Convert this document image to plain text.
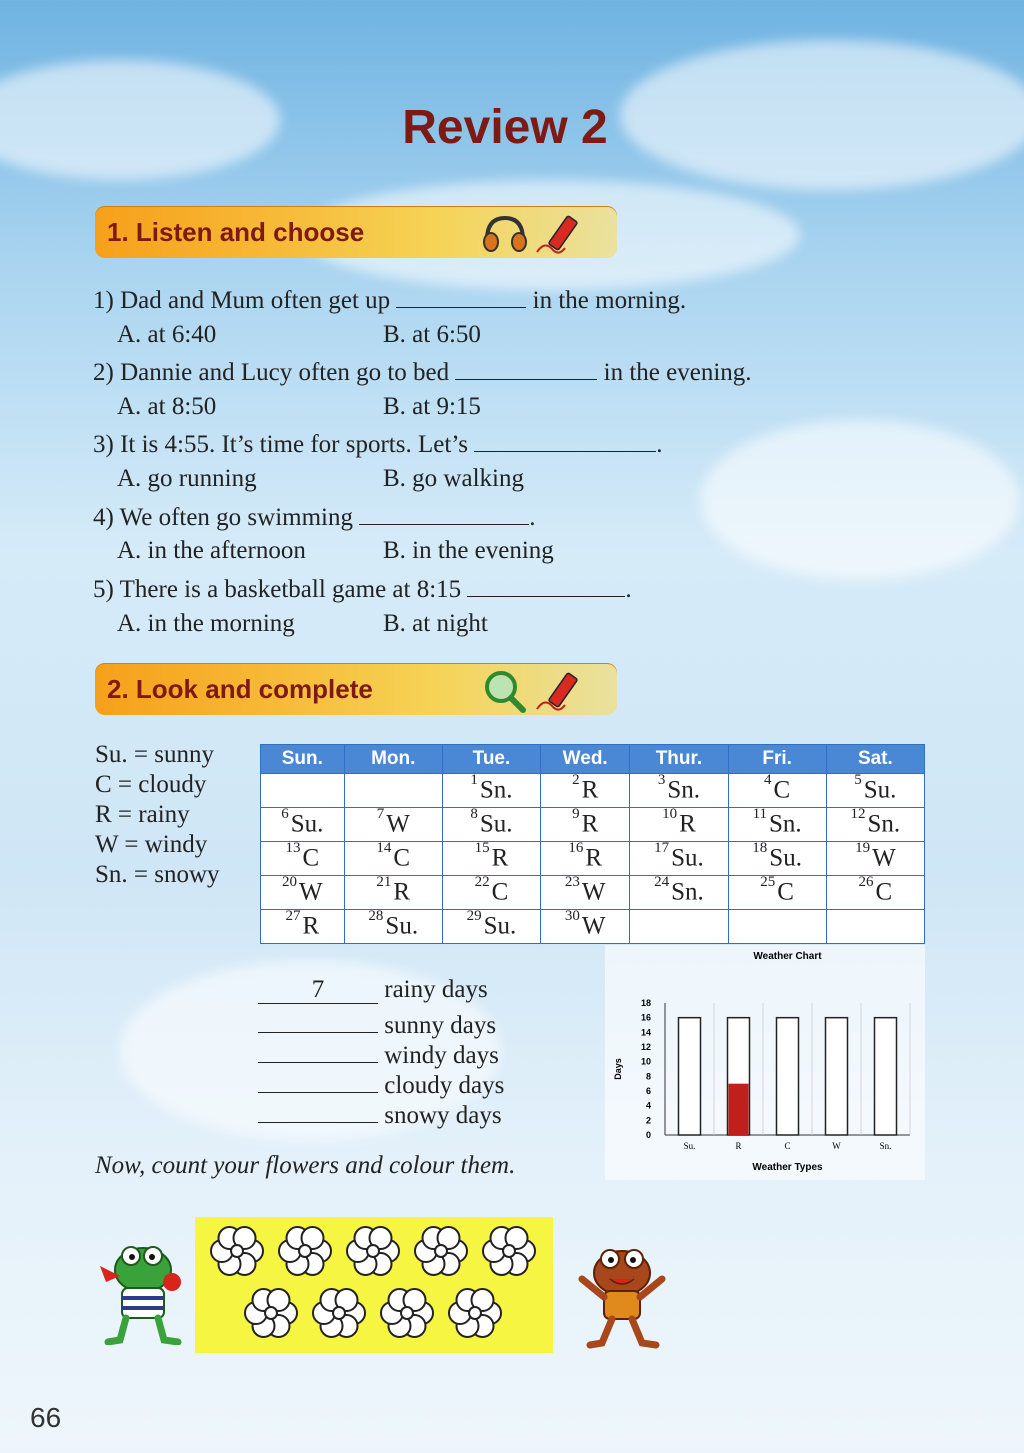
Review 2
1. Listen and choose
1) Dad and Mum often get up	in the morning.
A. at 6:40	B. at 6:50
2) Dannie and Lucy often go to bed	in the evening.
A. at 8:50	B. at 9:15
3) It is 4:55. It’s time for sports. Let’s	.
A. go running	B. go walking
4) We often go swimming	.
A. in the afternoon	B. in the evening
5) There is a basketball game at 8:15	.
A. in the morning	B. at night
2. Look and complete
Su. = sunny
C = cloudy
R = rainy
W = windy
Sn. = snowy
Sun.	Mon.	Tue.	Wed.	Thur.	Fri.	Sat.
		$^1$Sn.	$^2$R	$^3$Sn.	$^4$C	$^5$Su.
$^6$Su.	$^7$W	$^8$Su.	$^9$R	$^{10}$R	$^{11}$Sn.	$^{12}$Sn.
$^{13}$C	$^{14}$C	$^{15}$R	$^{16}$R	$^{17}$Su.	$^{18}$Su.	$^{19}$W
$^{20}$W	$^{21}$R	$^{22}$C	$^{23}$W	$^{24}$Sn.	$^{25}$C	$^{26}$C
$^{27}$R	$^{28}$Su.	$^{29}$Su.	$^{30}$W			
7 rainy days
sunny days
windy days
cloudy days
snowy days
Weather Chart
Days
Weather Types
0
2
4
6
8
10
12
14
16
18
Su.	R	C	W	Sn.
Now, count your flowers and colour them.
66
